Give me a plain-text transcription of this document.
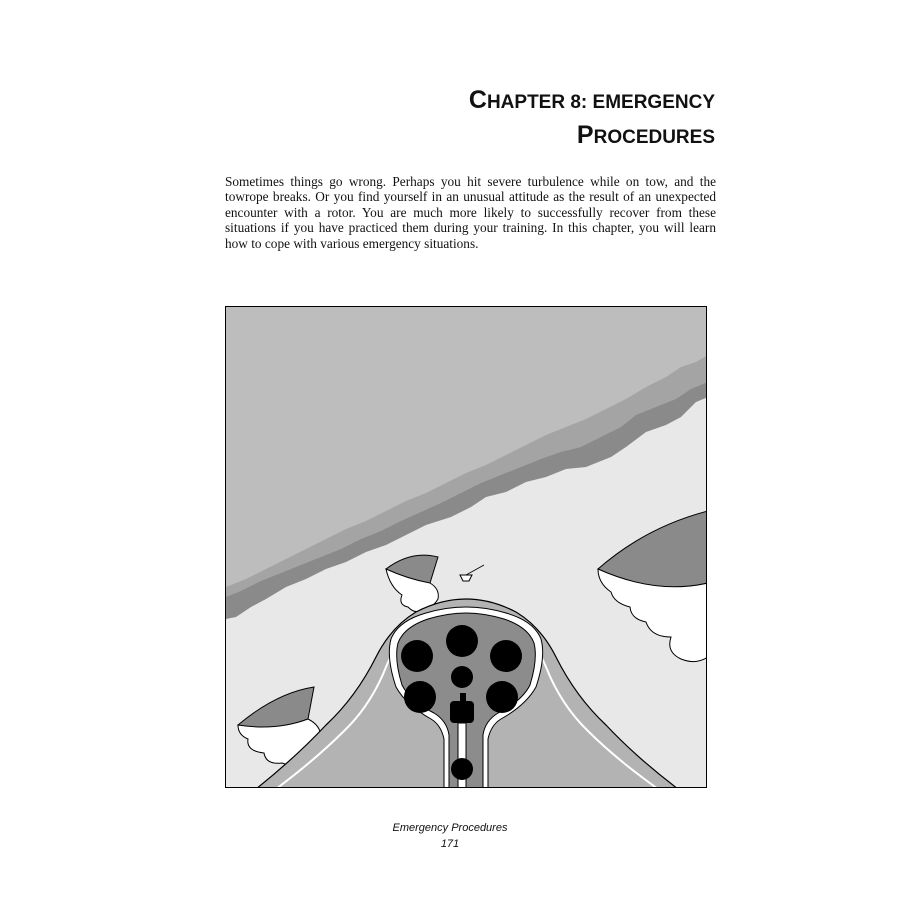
CHAPTER 8: EMERGENCY
PROCEDURES

Sometimes things go wrong. Perhaps you hit severe turbulence while on tow, and the towrope breaks. Or you find yourself in an unusual attitude as the result of an unexpected encounter with a rotor. You are much more likely to successfully recover from these situations if you have practiced them during your training. In this chapter, you will learn how to cope with various emergency situations.

Emergency Procedures
171
